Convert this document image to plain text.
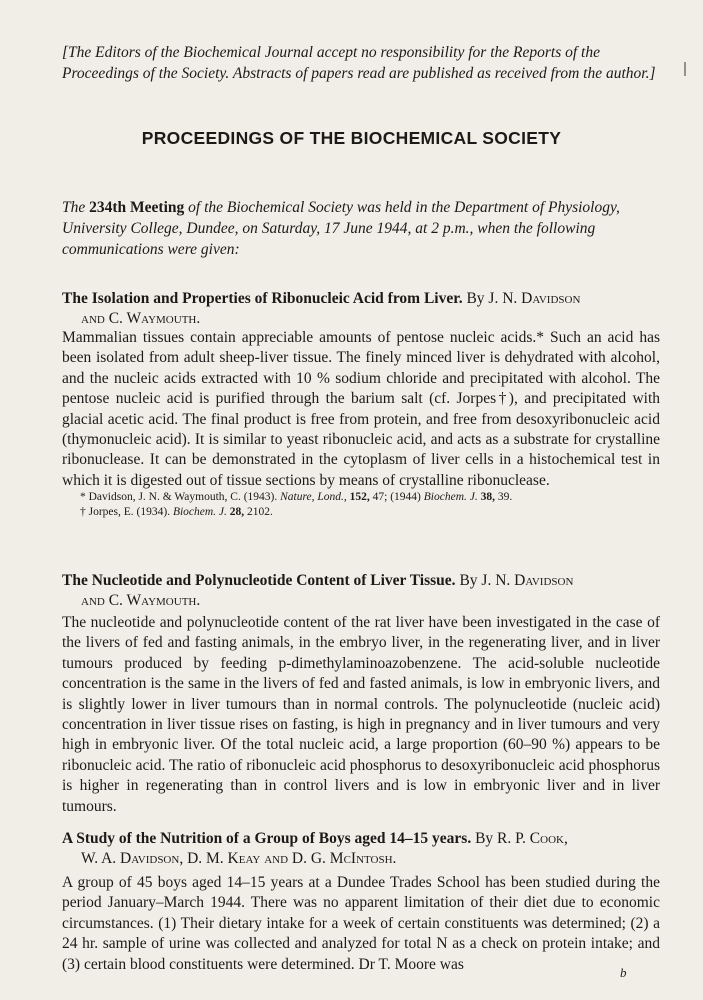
[The Editors of the Biochemical Journal accept no responsibility for the Reports of the Proceedings of the Society. Abstracts of papers read are published as received from the author.]
PROCEEDINGS OF THE BIOCHEMICAL SOCIETY
The 234th Meeting of the Biochemical Society was held in the Department of Physiology, University College, Dundee, on Saturday, 17 June 1944, at 2 p.m., when the following communications were given:
The Isolation and Properties of Ribonucleic Acid from Liver. By J. N. Davidson
and C. Waymouth.
Mammalian tissues contain appreciable amounts of pentose nucleic acids.* Such an acid has been isolated from adult sheep-liver tissue. The finely minced liver is dehydrated with alcohol, and the nucleic acids extracted with 10 % sodium chloride and precipitated with alcohol. The pentose nucleic acid is purified through the barium salt (cf. Jorpes†), and precipitated with glacial acetic acid. The final product is free from protein, and free from desoxyribonucleic acid (thymonucleic acid). It is similar to yeast ribonucleic acid, and acts as a substrate for crystalline ribonuclease. It can be demonstrated in the cytoplasm of liver cells in a histochemical test in which it is digested out of tissue sections by means of crystalline ribonuclease.
* Davidson, J. N. & Waymouth, C. (1943). Nature, Lond., 152, 47; (1944) Biochem. J. 38, 39.
† Jorpes, E. (1934). Biochem. J. 28, 2102.
The Nucleotide and Polynucleotide Content of Liver Tissue. By J. N. Davidson
and C. Waymouth.
The nucleotide and polynucleotide content of the rat liver have been investigated in the case of the livers of fed and fasting animals, in the embryo liver, in the regenerating liver, and in liver tumours produced by feeding p-dimethylaminoazobenzene. The acid-soluble nucleotide concentration is the same in the livers of fed and fasted animals, is low in embryonic livers, and is slightly lower in liver tumours than in normal controls. The polynucleotide (nucleic acid) concentration in liver tissue rises on fasting, is high in pregnancy and in liver tumours and very high in embryonic liver. Of the total nucleic acid, a large proportion (60–90 %) appears to be ribonucleic acid. The ratio of ribonucleic acid phosphorus to desoxyribonucleic acid phosphorus is higher in regenerating than in control livers and is low in embryonic liver and in liver tumours.
A Study of the Nutrition of a Group of Boys aged 14–15 years. By R. P. Cook,
W. A. Davidson, D. M. Keay and D. G. McIntosh.
A group of 45 boys aged 14–15 years at a Dundee Trades School has been studied during the period January–March 1944. There was no apparent limitation of their diet due to economic circumstances. (1) Their dietary intake for a week of certain constituents was determined; (2) a 24 hr. sample of urine was collected and analyzed for total N as a check on protein intake; and (3) certain blood constituents were determined. Dr T. Moore was	b
